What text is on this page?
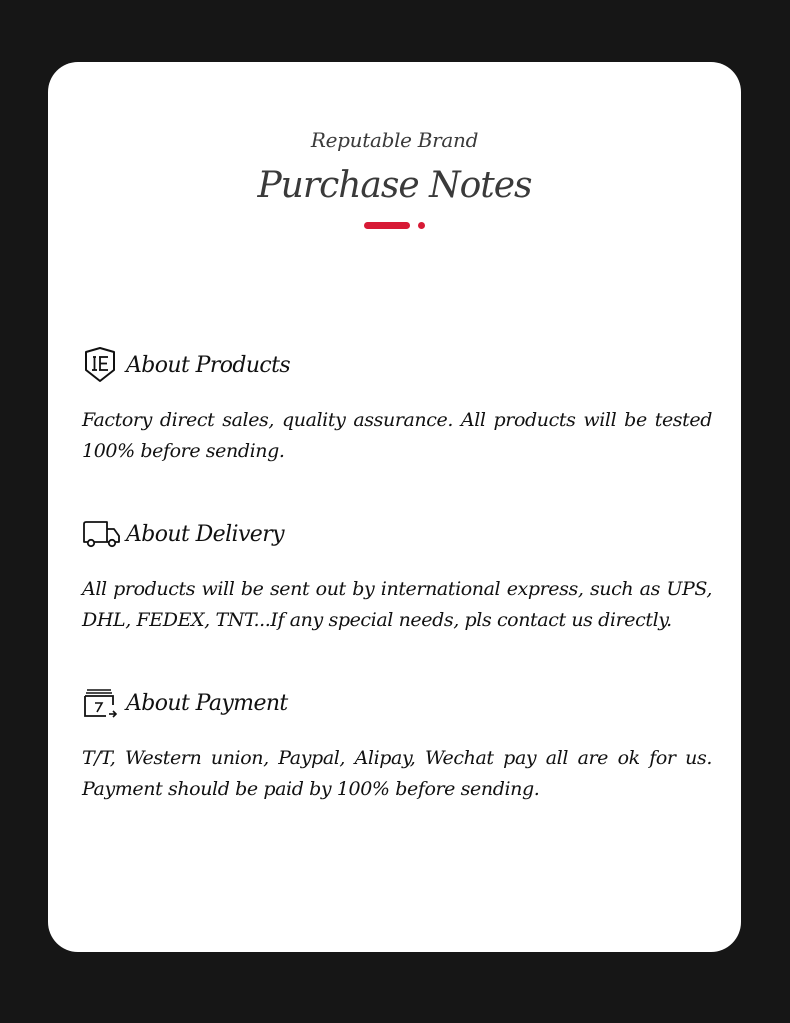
Reputable Brand
Purchase Notes
About Products
Factory direct sales, quality assurance. All products will be tested 100% before sending.
About Delivery
All products will be sent out by international express, such as UPS, DHL, FEDEX, TNT...If any special needs, pls contact us directly.
About Payment
T/T, Western union, Paypal, Alipay, Wechat pay all are ok for us. Payment should be paid by 100% before sending.
